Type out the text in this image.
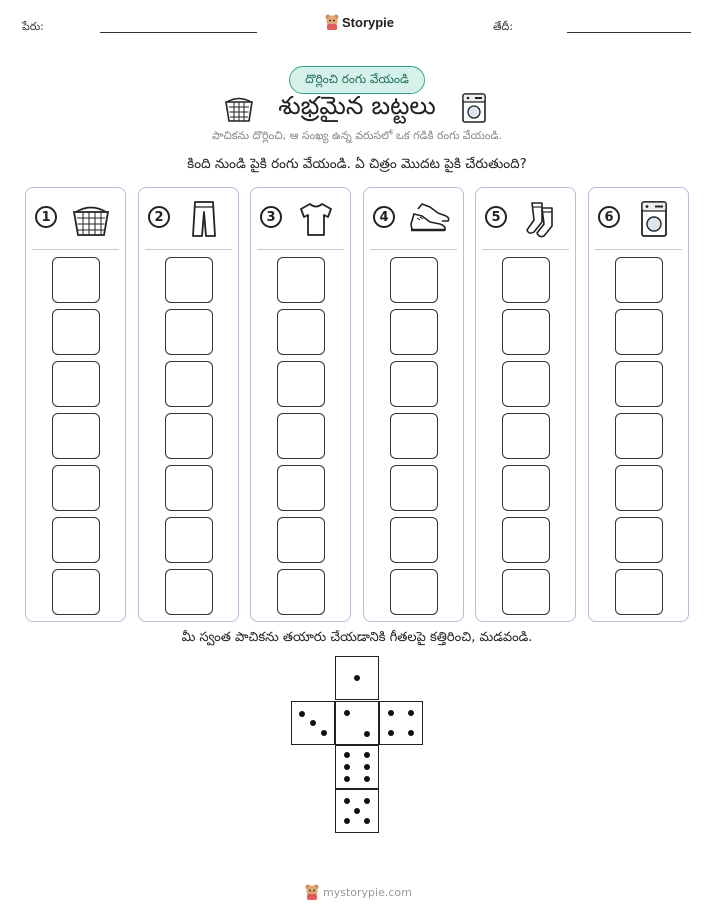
పేరు:	Storypie	తేదీ:
దొర్లించి రంగు వేయండి
శుభ్రమైన బట్టలు
పాచికను దొర్లించి, ఆ సంఖ్య ఉన్న వరుసలో ఒక గడికి రంగు వేయండి.
కింది నుండి పైకి రంగు వేయండి. ఏ చిత్రం మొదట పైకి చేరుతుంది?
1	2	3	4	5	6
మీ స్వంత పాచికను తయారు చేయడానికి గీతలపై కత్తిరించి, మడవండి.
mystorypie.com
